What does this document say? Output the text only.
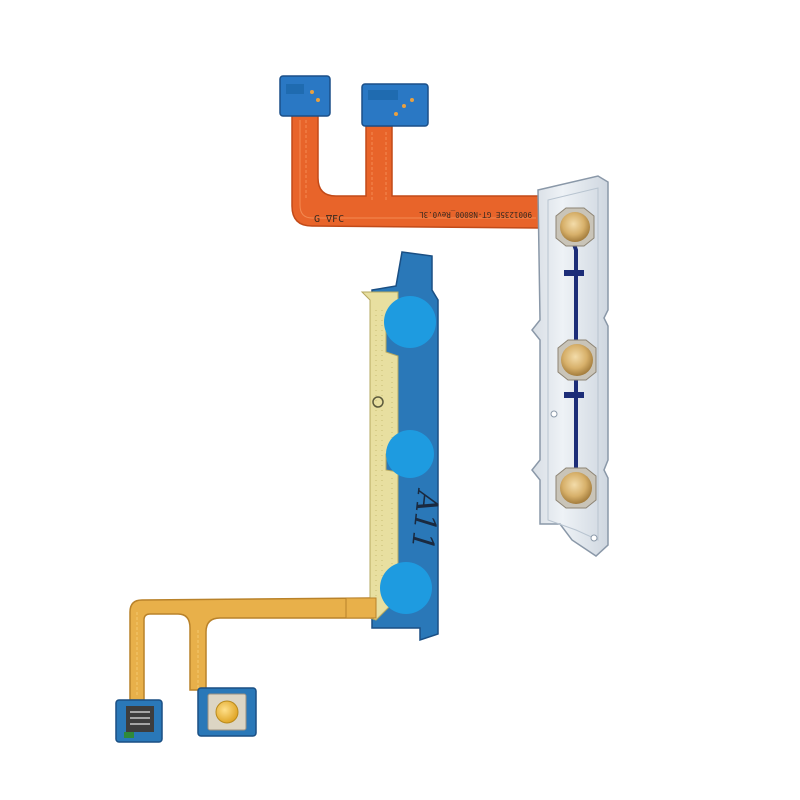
G ∇FC	9001235E GT-N8000_Rev0.3L
A11
